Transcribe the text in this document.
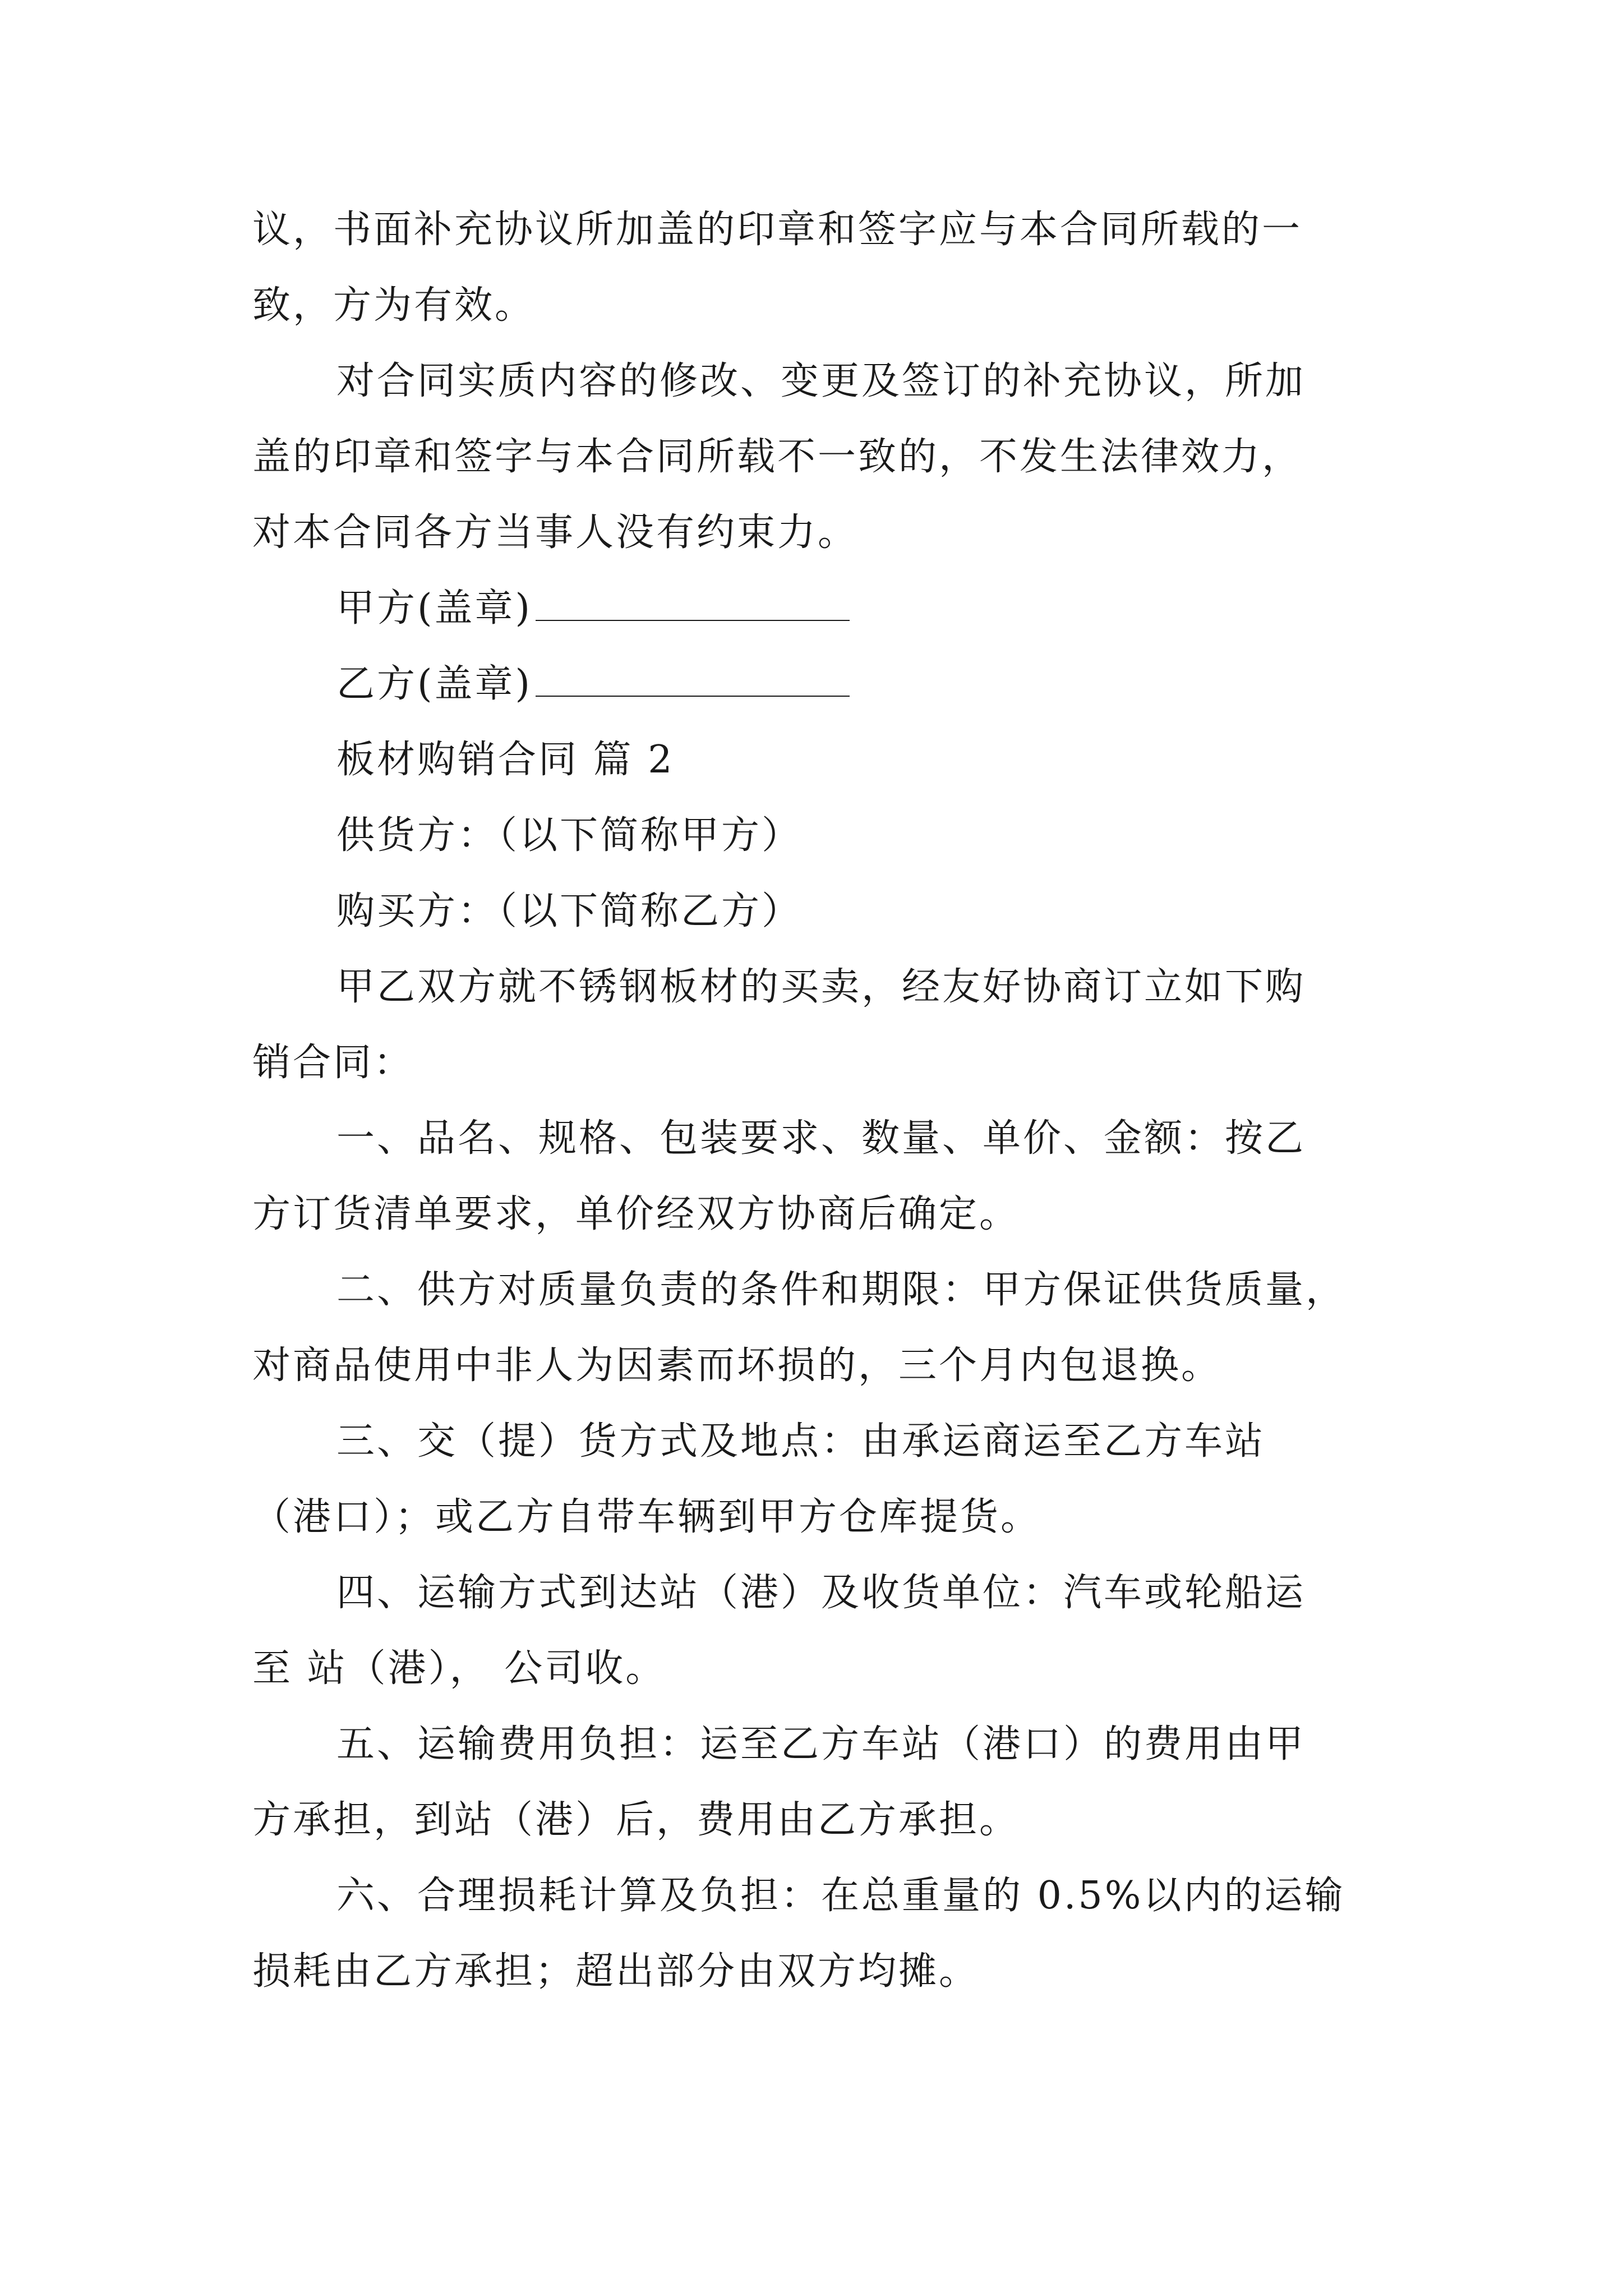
议，书面补充协议所加盖的印章和签字应与本合同所载的一
致，方为有效。
对合同实质内容的修改、变更及签订的补充协议，所加
盖的印章和签字与本合同所载不一致的，不发生法律效力，
对本合同各方当事人没有约束力。
甲方(盖章)
乙方(盖章)
板材购销合同 篇 2
供货方：（以下简称甲方）
购买方：（以下简称乙方）
甲乙双方就不锈钢板材的买卖，经友好协商订立如下购
销合同：
一、品名、规格、包装要求、数量、单价、金额：按乙
方订货清单要求，单价经双方协商后确定。
二、供方对质量负责的条件和期限：甲方保证供货质量，
对商品使用中非人为因素而坏损的，三个月内包退换。
三、交（提）货方式及地点：由承运商运至乙方车站
（港口）；或乙方自带车辆到甲方仓库提货。
四、运输方式到达站（港）及收货单位：汽车或轮船运
至 站（港）， 公司收。
五、运输费用负担：运至乙方车站（港口）的费用由甲
方承担，到站（港）后，费用由乙方承担。
六、合理损耗计算及负担：在总重量的 0.5%以内的运输
损耗由乙方承担；超出部分由双方均摊。
